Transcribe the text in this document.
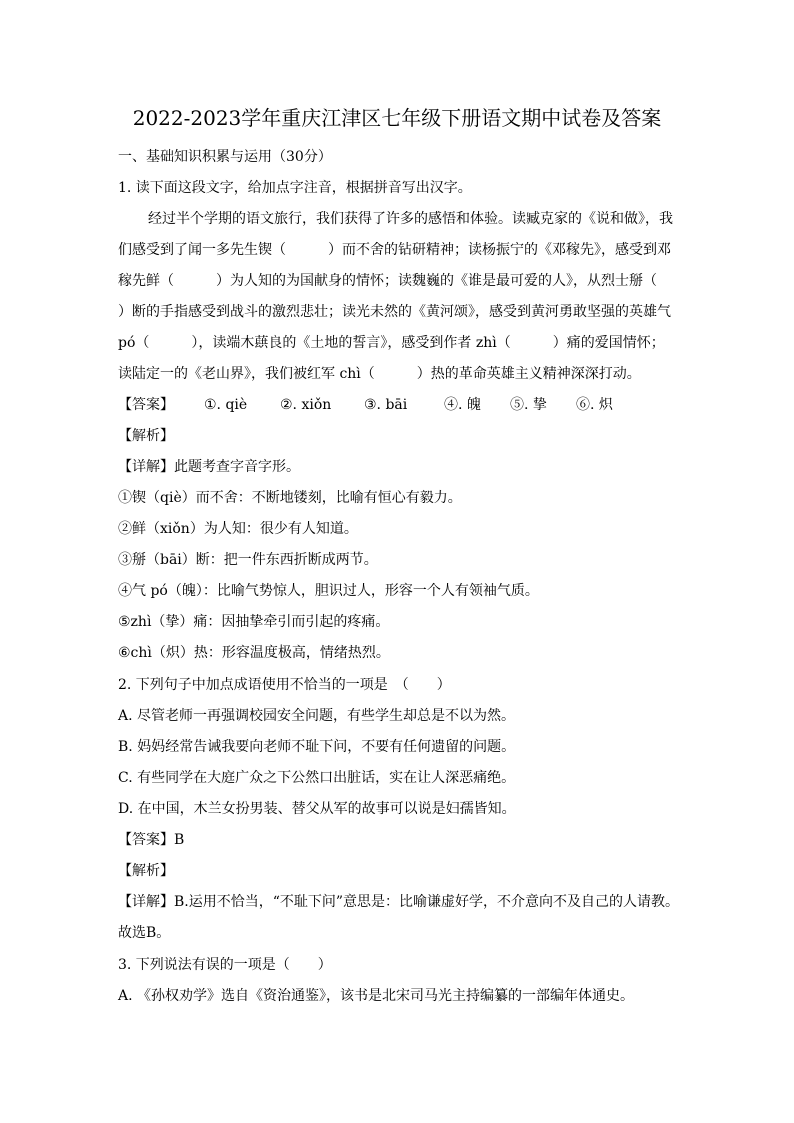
2022-2023学年重庆江津区七年级下册语文期中试卷及答案
一、基础知识积累与运用（30分）
1. 读下面这段文字，给加点字注音，根据拼音写出汉字。
经过半个学期的语文旅行，我们获得了许多的感悟和体验。读臧克家的《说和做》，我
们感受到了闻一多先生锲（　　　）而不舍的钻研精神；读杨振宁的《邓稼先》，感受到邓
稼先鲜（　　　）为人知的为国献身的情怀；读魏巍的《谁是最可爱的人》，从烈士掰（
）断的手指感受到战斗的激烈悲壮；读光未然的《黄河颂》，感受到黄河勇敢坚强的英雄气
pó（　　　），读端木蕻良的《土地的誓言》，感受到作者 zhì（　　　）痛的爱国情怀；
读陆定一的《老山界》，我们被红军 chì（　　　）热的革命英雄主义精神深深打动。
【答案】 ①. qiè ②. xiǒn ③. bāi	④. 魄 ⑤. 挚 ⑥. 炽
【解析】
【详解】此题考查字音字形。
①锲（qiè）而不舍：不断地镂刻，比喻有恒心有毅力。
②鲜（xiǒn）为人知：很少有人知道。
③掰（bāi）断：把一件东西折断成两节。
④气 pó（魄）：比喻气势惊人，胆识过人，形容一个人有领袖气质。
⑤zhì（挚）痛：因抽挚牵引而引起的疼痛。
⑥chì（炽）热：形容温度极高，情绪热烈。
2. 下列句子中加点成语使用不恰当的一项是　（　　）
A. 尽管老师一再强调校园安全问题，有些学生却总是不以为然。
B. 妈妈经常告诫我要向老师不耻下问，不要有任何遗留的问题。
C. 有些同学在大庭广众之下公然口出脏话，实在让人深恶痛绝。
D. 在中国，木兰女扮男装、替父从军的故事可以说是妇孺皆知。
【答案】B
【解析】
【详解】B.运用不恰当，“不耻下问”意思是：比喻谦虚好学，不介意向不及自己的人请教。
故选B。
3. 下列说法有误的一项是（　　）
A. 《孙权劝学》选自《资治通鉴》，该书是北宋司马光主持编纂的一部编年体通史。
